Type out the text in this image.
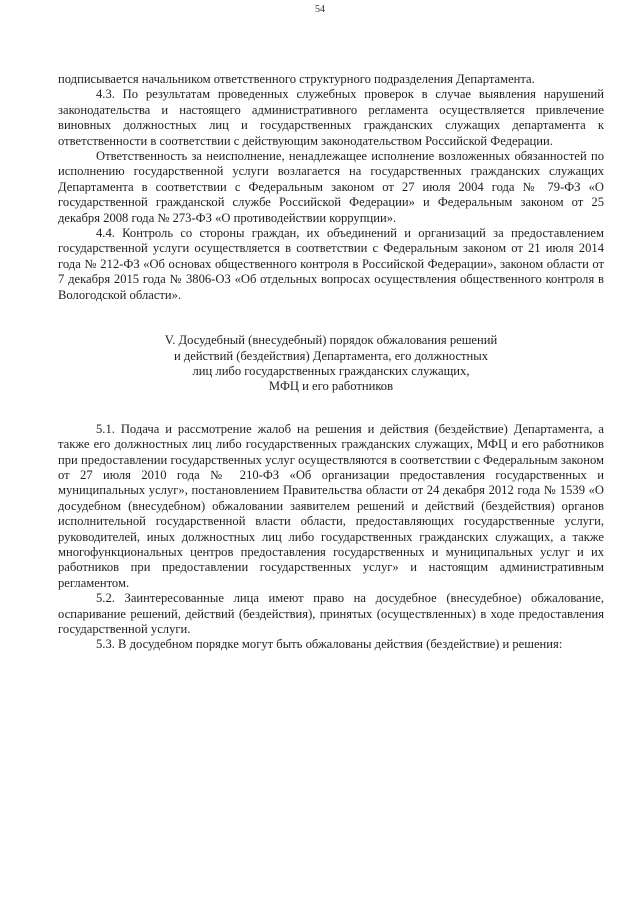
54

подписывается начальником ответственного структурного подразделения Департамента.

4.3. По результатам проведенных служебных проверок в случае выявления нарушений законодательства и настоящего административного регламента осуществляется привлечение виновных должностных лиц и государственных гражданских служащих департамента к ответственности в соответствии с действующим законодательством Российской Федерации.

Ответственность за неисполнение, ненадлежащее исполнение возложенных обязанностей по исполнению государственной услуги возлагается на государственных гражданских служащих Департамента в соответствии с Федеральным законом от 27 июля 2004 года № 79-ФЗ «О государственной гражданской службе Российской Федерации» и Федеральным законом от 25 декабря 2008 года № 273-ФЗ «О противодействии коррупции».

4.4. Контроль со стороны граждан, их объединений и организаций за предоставлением государственной услуги осуществляется в соответствии с Федеральным законом от 21 июля 2014 года № 212-ФЗ «Об основах общественного контроля в Российской Федерации», законом области от 7 декабря 2015 года № 3806-ОЗ «Об отдельных вопросах осуществления общественного контроля в Вологодской области».

V. Досудебный (внесудебный) порядок обжалования решений
и действий (бездействия) Департамента, его должностных
лиц либо государственных гражданских служащих,
МФЦ и его работников

5.1. Подача и рассмотрение жалоб на решения и действия (бездействие) Департамента, а также его должностных лиц либо государственных гражданских служащих, МФЦ и его работников при предоставлении государственных услуг осуществляются в соответствии с Федеральным законом от 27 июля 2010 года № 210-ФЗ «Об организации предоставления государственных и муниципальных услуг», постановлением Правительства области от 24 декабря 2012 года № 1539 «О досудебном (внесудебном) обжаловании заявителем решений и действий (бездействия) органов исполнительной государственной власти области, предоставляющих государственные услуги, руководителей, иных должностных лиц либо государственных гражданских служащих, а также многофункциональных центров предоставления государственных и муниципальных услуг и их работников при предоставлении государственных услуг» и настоящим административным регламентом.

5.2. Заинтересованные лица имеют право на досудебное (внесудебное) обжалование, оспаривание решений, действий (бездействия), принятых (осуществленных) в ходе предоставления государственной услуги.

5.3. В досудебном порядке могут быть обжалованы действия (бездействие) и решения:
